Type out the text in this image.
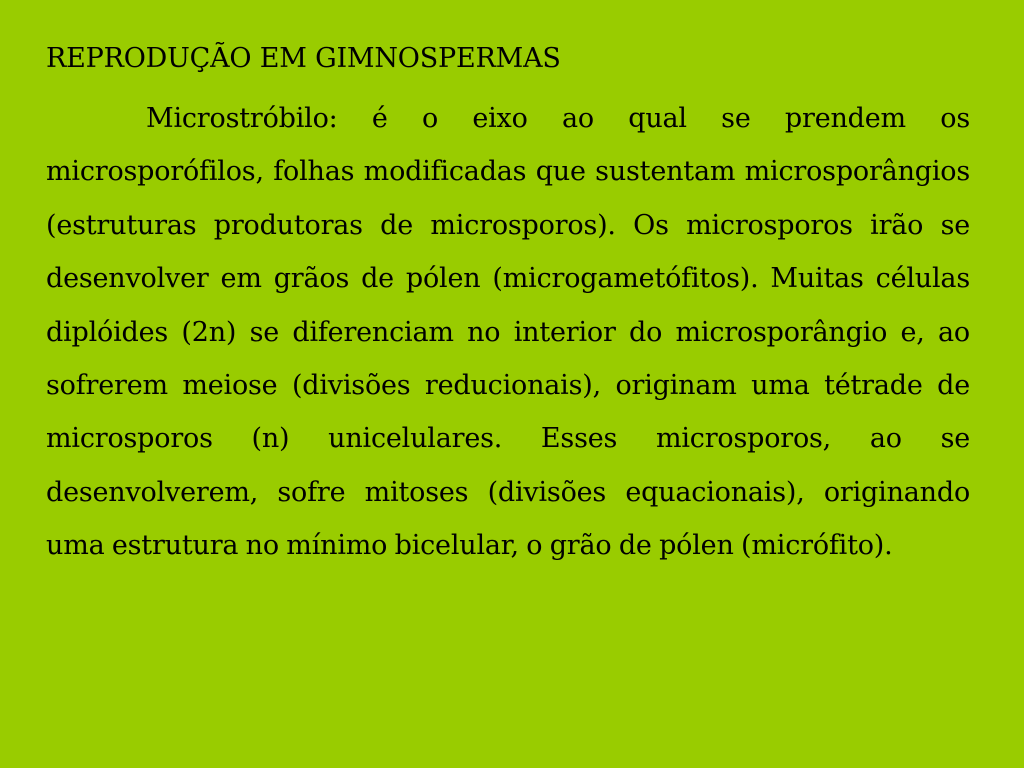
REPRODUÇÃO EM GIMNOSPERMAS

Microstróbilo: é o eixo ao qual se prendem os microsporófilos, folhas modificadas que sustentam microsporângios (estruturas produtoras de microsporos). Os microsporos irão se desenvolver em grãos de pólen (microgametófitos). Muitas células diplóides (2n) se diferenciam no interior do microsporângio e, ao sofrerem meiose (divisões reducionais), originam uma tétrade de microsporos (n) unicelulares. Esses microsporos, ao se desenvolverem, sofre mitoses (divisões equacionais), originando uma estrutura no mínimo bicelular, o grão de pólen (micrófito).
